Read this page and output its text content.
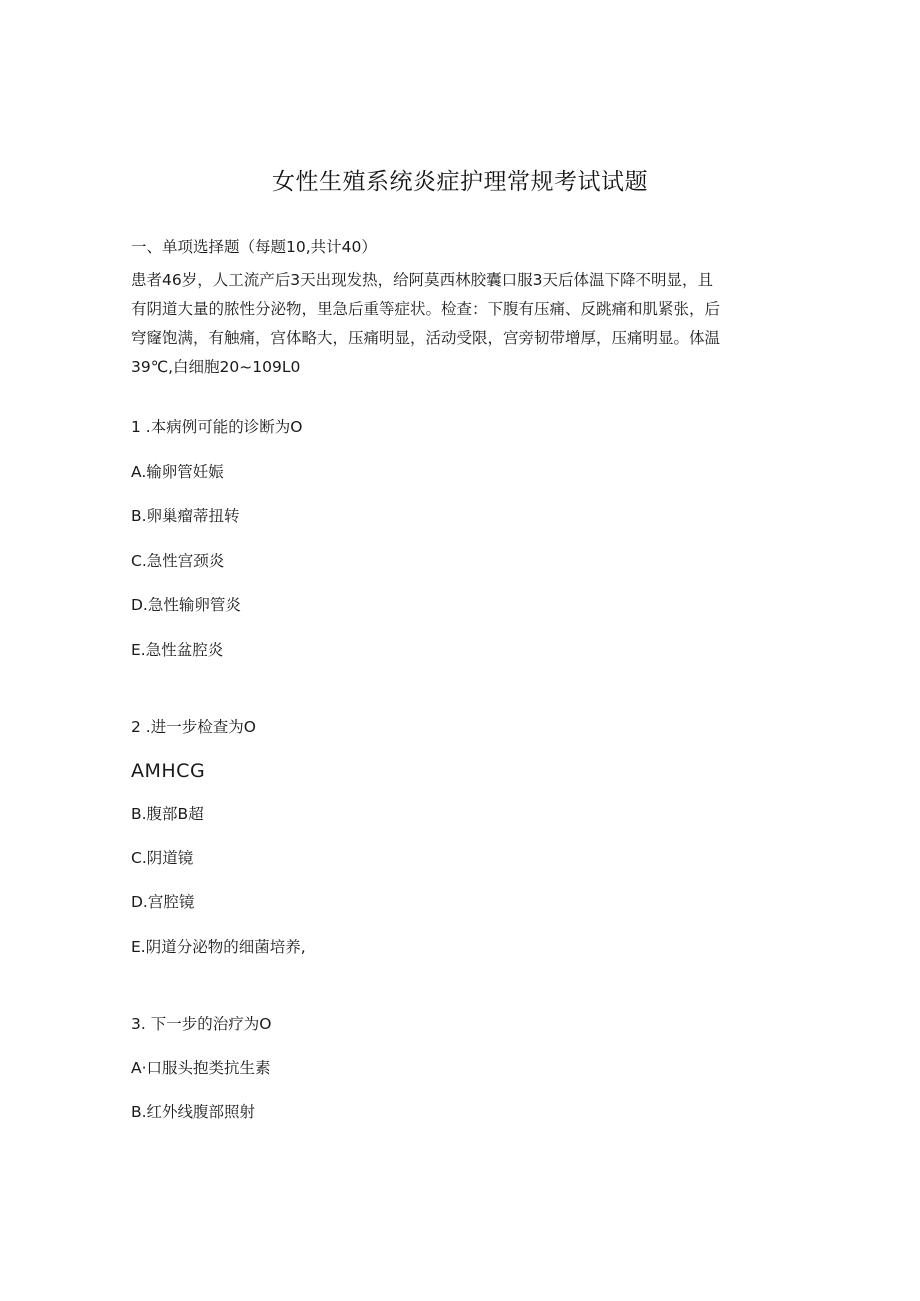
女性生殖系统炎症护理常规考试试题
一、单项选择题（每题10,共计40）
患者46岁，人工流产后3天出现发热，给阿莫西林胶囊口服3天后体温下降不明显，且
有阴道大量的脓性分泌物，里急后重等症状。检查：下腹有压痛、反跳痛和肌紧张，后
穹窿饱满，有触痛，宫体略大，压痛明显，活动受限，宫旁韧带增厚，压痛明显。体温
39℃,白细胞20~109L0
1 .本病例可能的诊断为O
A.输卵管妊娠
B.卵巢瘤蒂扭转
C.急性宫颈炎
D.急性输卵管炎
E.急性盆腔炎
2 .进一步检查为O
AMHCG
B.腹部B超
C.阴道镜
D.宫腔镜
E.阴道分泌物的细菌培养,
3. 下一步的治疗为O
A·口服头抱类抗生素
B.红外线腹部照射
